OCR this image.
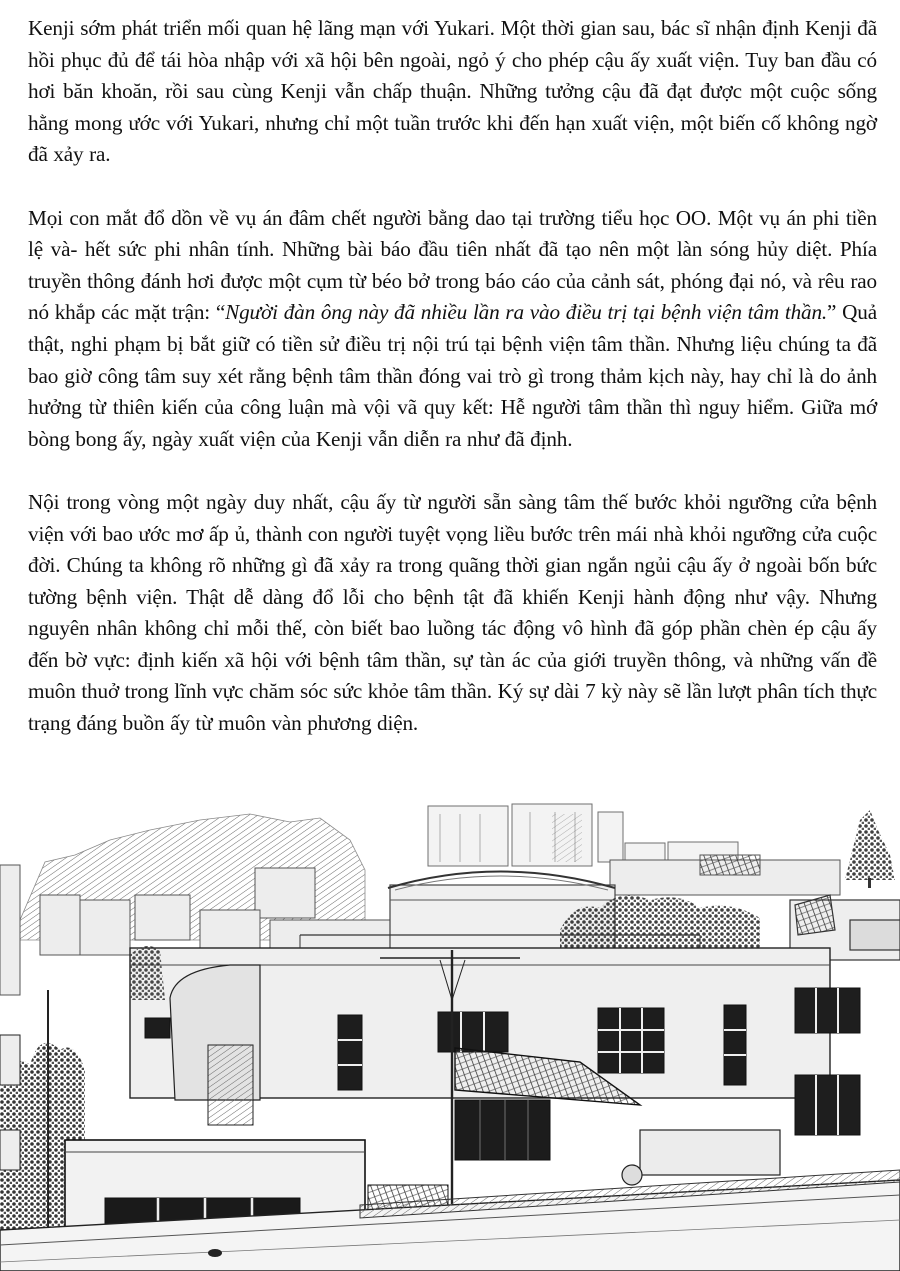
Kenji sớm phát triển mối quan hệ lãng mạn với Yukari. Một thời gian sau, bác sĩ nhận định Kenji đã hồi phục đủ để tái hòa nhập với xã hội bên ngoài, ngỏ ý cho phép cậu ấy xuất viện. Tuy ban đầu có hơi băn khoăn, rồi sau cùng Kenji vẫn chấp thuận. Những tưởng cậu đã đạt được một cuộc sống hằng mong ước với Yukari, nhưng chỉ một tuần trước khi đến hạn xuất viện, một biến cố không ngờ đã xảy ra.

Mọi con mắt đổ dồn về vụ án đâm chết người bằng dao tại trường tiểu học OO. Một vụ án phi tiền lệ và- hết sức phi nhân tính. Những bài báo đầu tiên nhất đã tạo nên một làn sóng hủy diệt. Phía truyền thông đánh hơi được một cụm từ béo bở trong báo cáo của cảnh sát, phóng đại nó, và rêu rao nó khắp các mặt trận: “Người đàn ông này đã nhiều lần ra vào điều trị tại bệnh viện tâm thần.” Quả thật, nghi phạm bị bắt giữ có tiền sử điều trị nội trú tại bệnh viện tâm thần. Nhưng liệu chúng ta đã bao giờ công tâm suy xét rằng bệnh tâm thần đóng vai trò gì trong thảm kịch này, hay chỉ là do ảnh hưởng từ thiên kiến của công luận mà vội vã quy kết: Hễ người tâm thần thì nguy hiểm. Giữa mớ bòng bong ấy, ngày xuất viện của Kenji vẫn diễn ra như đã định.

Nội trong vòng một ngày duy nhất, cậu ấy từ người sẵn sàng tâm thế bước khỏi ngưỡng cửa bệnh viện với bao ước mơ ấp ủ, thành con người tuyệt vọng liều bước trên mái nhà khỏi ngưỡng cửa cuộc đời. Chúng ta không rõ những gì đã xảy ra trong quãng thời gian ngắn ngủi cậu ấy ở ngoài bốn bức tường bệnh viện. Thật dễ dàng đổ lỗi cho bệnh tật đã khiến Kenji hành động như vậy. Nhưng nguyên nhân không chỉ mỗi thế, còn biết bao luồng tác động vô hình đã góp phần chèn ép cậu ấy đến bờ vực: định kiến xã hội với bệnh tâm thần, sự tàn ác của giới truyền thông, và những vấn đề muôn thuở trong lĩnh vực chăm sóc sức khỏe tâm thần. Ký sự dài 7 kỳ này sẽ lần lượt phân tích thực trạng đáng buồn ấy từ muôn vàn phương diện.
